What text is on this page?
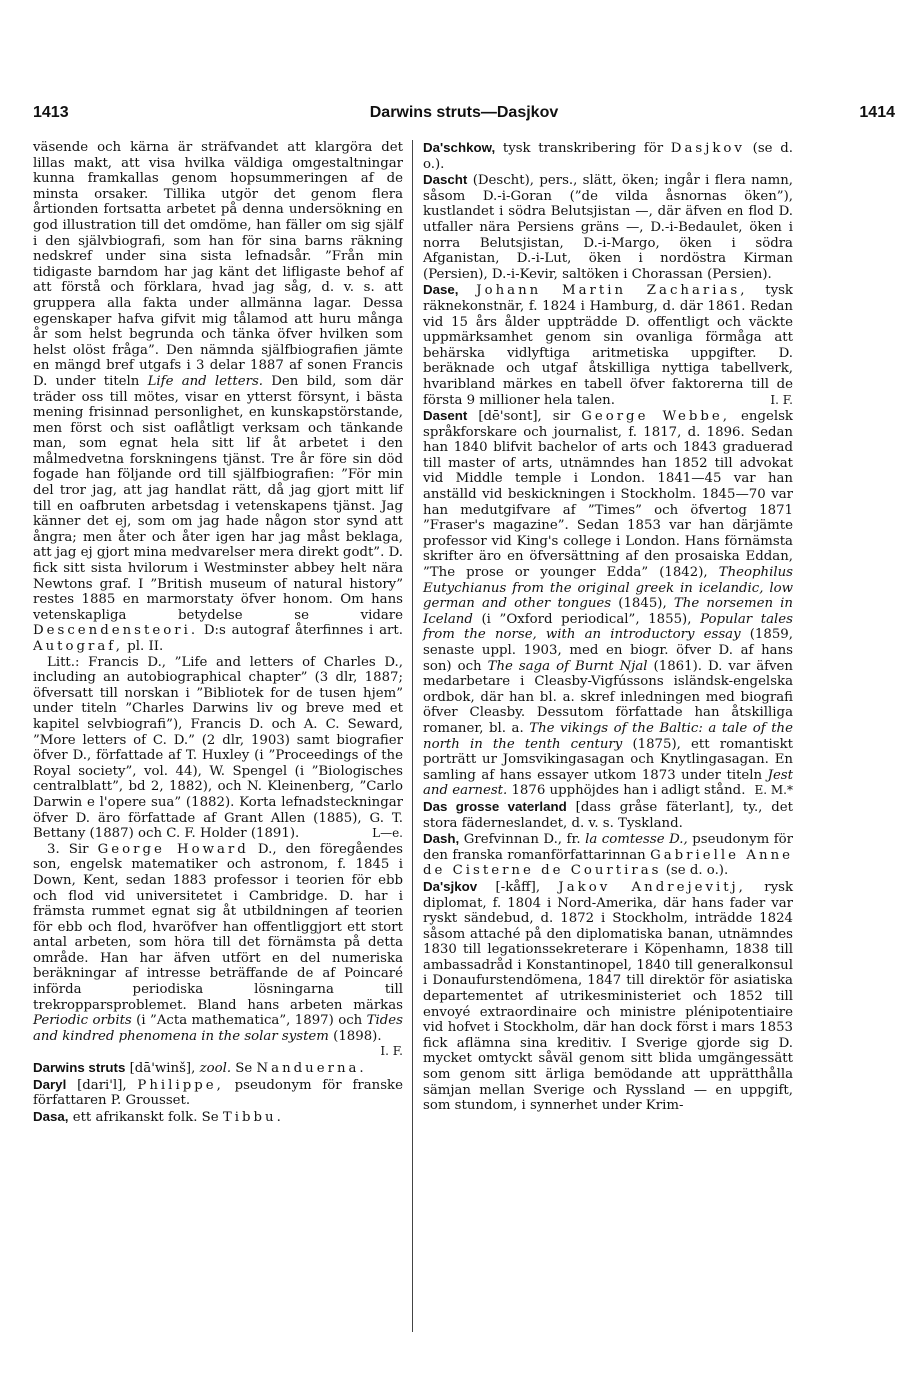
1413	Darwins struts—Dasjkov	1414

väsende och kärna är sträfvandet att klargöra det lillas makt, att visa hvilka väldiga omgestaltningar kunna framkallas genom hopsummeringen af de minsta orsaker. Tillika utgör det genom flera årtionden fortsatta arbetet på denna undersökning en god illustration till det omdöme, han fäller om sig själf i den självbiografi, som han för sina barns räkning nedskref under sina sista lefnadsår. ”Från min tidigaste barndom har jag känt det lifligaste behof af att förstå och förklara, hvad jag såg, d. v. s. att gruppera alla fakta under allmänna lagar. Dessa egenskaper hafva gifvit mig tålamod att huru många år som helst begrunda och tänka öfver hvilken som helst olöst fråga”. Den nämnda själfbiografien jämte en mängd bref utgafs i 3 delar 1887 af sonen Francis D. under titeln Life and letters. Den bild, som där träder oss till mötes, visar en ytterst försynt, i bästa mening frisinnad personlighet, en kunskapstörstande, men först och sist oaflåtligt verksam och tänkande man, som egnat hela sitt lif åt arbetet i den målmedvetna forskningens tjänst. Tre år före sin död fogade han följande ord till själfbiografien: ”För min del tror jag, att jag handlat rätt, då jag gjort mitt lif till en oafbruten arbetsdag i vetenskapens tjänst. Jag känner det ej, som om jag hade någon stor synd att ångra; men åter och åter igen har jag måst beklaga, att jag ej gjort mina medvarelser mera direkt godt”. D. fick sitt sista hvilorum i Westminster abbey helt nära Newtons graf. I ”British museum of natural history” restes 1885 en marmorstaty öfver honom. Om hans vetenskapliga betydelse se vidare Descendensteori. D:s autograf återfinnes i art. Autograf, pl. II.

Litt.: Francis D., ”Life and letters of Charles D., including an autobiographical chapter” (3 dlr, 1887; öfversatt till norskan i ”Bibliotek for de tusen hjem” under titeln ”Charles Darwins liv og breve med et kapitel selvbiografi”), Francis D. och A. C. Seward, ”More letters of C. D.” (2 dlr, 1903) samt biografier öfver D., författade af T. Huxley (i ”Proceedings of the Royal society”, vol. 44), W. Spengel (i ”Biologisches centralblatt”, bd 2, 1882), och N. Kleinenberg, ”Carlo Darwin e l'opere sua” (1882). Korta lefnadsteckningar öfver D. äro författade af Grant Allen (1885), G. T. Bettany (1887) och C. F. Holder (1891).	L—e.

3. Sir George Howard D., den föregåendes son, engelsk matematiker och astronom, f. 1845 i Down, Kent, sedan 1883 professor i teorien för ebb och flod vid universitetet i Cambridge. D. har i främsta rummet egnat sig åt utbildningen af teorien för ebb och flod, hvaröfver han offentliggjort ett stort antal arbeten, som höra till det förnämsta på detta område. Han har äfven utfört en del numeriska beräkningar af intresse beträffande de af Poincaré införda periodiska lösningarna till trekropparsproblemet. Bland hans arbeten märkas Periodic orbits (i ”Acta mathematica”, 1897) och Tides and kindred phenomena in the solar system (1898).
I. F.

Darwins struts [dā'winš], zool. Se Nanduerna.

Daryl [dari'l], Philippe, pseudonym för franske författaren P. Grousset.

Dasa, ett afrikanskt folk. Se Tibbu.

Da'schkow, tysk transkribering för Dasjkov (se d. o.).

Dascht (Descht), pers., slätt, öken; ingår i flera namn, såsom D.-i-Goran (”de vilda åsnornas öken”), kustlandet i södra Belutsjistan —, där äfven en flod D. utfaller nära Persiens gräns —, D.-i-Bedaulet, öken i norra Belutsjistan, D.-i-Margo, öken i södra Afganistan, D.-i-Lut, öken i nordöstra Kirman (Persien), D.-i-Kevir, saltöken i Chorassan (Persien).

Dase, Johann Martin Zacharias, tysk räknekonstnär, f. 1824 i Hamburg, d. där 1861. Redan vid 15 års ålder uppträdde D. offentligt och väckte uppmärksamhet genom sin ovanliga förmåga att behärska vidlyftiga aritmetiska uppgifter. D. beräknade och utgaf åtskilliga nyttiga tabellverk, hvaribland märkes en tabell öfver faktorerna till de första 9 millioner hela talen.	I. F.

Dasent [dē'sont], sir George Webbe, engelsk språkforskare och journalist, f. 1817, d. 1896. Sedan han 1840 blifvit bachelor of arts och 1843 graduerad till master of arts, utnämndes han 1852 till advokat vid Middle temple i London. 1841—45 var han anställd vid beskickningen i Stockholm. 1845—70 var han medutgifvare af ”Times” och öfvertog 1871 ”Fraser's magazine”. Sedan 1853 var han därjämte professor vid King's college i London. Hans förnämsta skrifter äro en öfversättning af den prosaiska Eddan, ”The prose or younger Edda” (1842), Theophilus Eutychianus from the original greek in icelandic, low german and other tongues (1845), The norsemen in Iceland (i ”Oxford periodical”, 1855), Popular tales from the norse, with an introductory essay (1859, senaste uppl. 1903, med en biogr. öfver D. af hans son) och The saga of Burnt Njal (1861). D. var äfven medarbetare i Cleasby-Vigfússons isländsk-engelska ordbok, där han bl. a. skref inledningen med biografi öfver Cleasby. Dessutom författade han åtskilliga romaner, bl. a. The vikings of the Baltic: a tale of the north in the tenth century (1875), ett romantiskt porträtt ur Jomsvikingasagan och Knytlingasagan. En samling af hans essayer utkom 1873 under titeln Jest and earnest. 1876 upphöjdes han i adligt stånd. E. M.*

Das grosse vaterland [dass gråse fäterlant], ty., det stora fäderneslandet, d. v. s. Tyskland.

Dash, Grefvinnan D., fr. la comtesse D., pseudonym för den franska romanförfattarinnan Gabrielle Anne de Cisterne de Courtiras (se d. o.).

Da'sjkov [-kåff], Jakov Andrejevitj, rysk diplomat, f. 1804 i Nord-Amerika, där hans fader var ryskt sändebud, d. 1872 i Stockholm, inträdde 1824 såsom attaché på den diplomatiska banan, utnämndes 1830 till legationssekreterare i Köpenhamn, 1838 till ambassadråd i Konstantinopel, 1840 till generalkonsul i Donaufurstendömena, 1847 till direktör för asiatiska departementet af utrikesministeriet och 1852 till envoyé extraordinaire och ministre plénipotentiaire vid hofvet i Stockholm, där han dock först i mars 1853 fick aflämna sina kreditiv. I Sverige gjorde sig D. mycket omtyckt såväl genom sitt blida umgängessätt som genom sitt ärliga bemödande att upprätthålla sämjan mellan Sverige och Ryssland — en uppgift, som stundom, i synnerhet under Krim-
